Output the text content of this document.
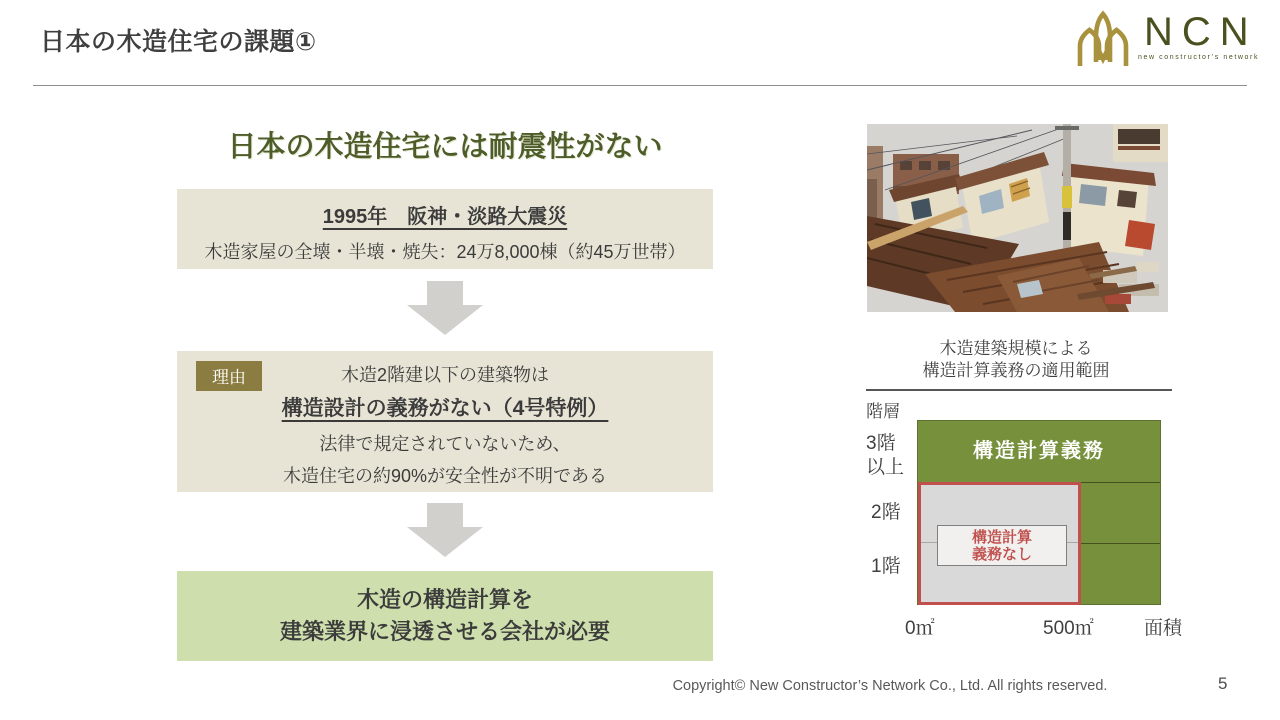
日本の木造住宅の課題①	NCN
new constructor’s network
日本の木造住宅には耐震性がない
1995年　阪神・淡路大震災
木造家屋の全壊・半壊・焼失：24万8,000棟（約45万世帯）
理由	木造2階建以下の建築物は
構造設計の義務がない（4号特例）
法律で規定されていないため、
木造住宅の約90%が安全性が不明である
木造の構造計算を
建築業界に浸透させる会社が必要
木造建築規模による
構造計算義務の適用範囲
階層
構造計算義務
構造計算
義務なし
3階
以上
2階
1階
0㎡	500㎡	面積
Copyright© New Constructor’s Network Co., Ltd. All rights reserved.	5
